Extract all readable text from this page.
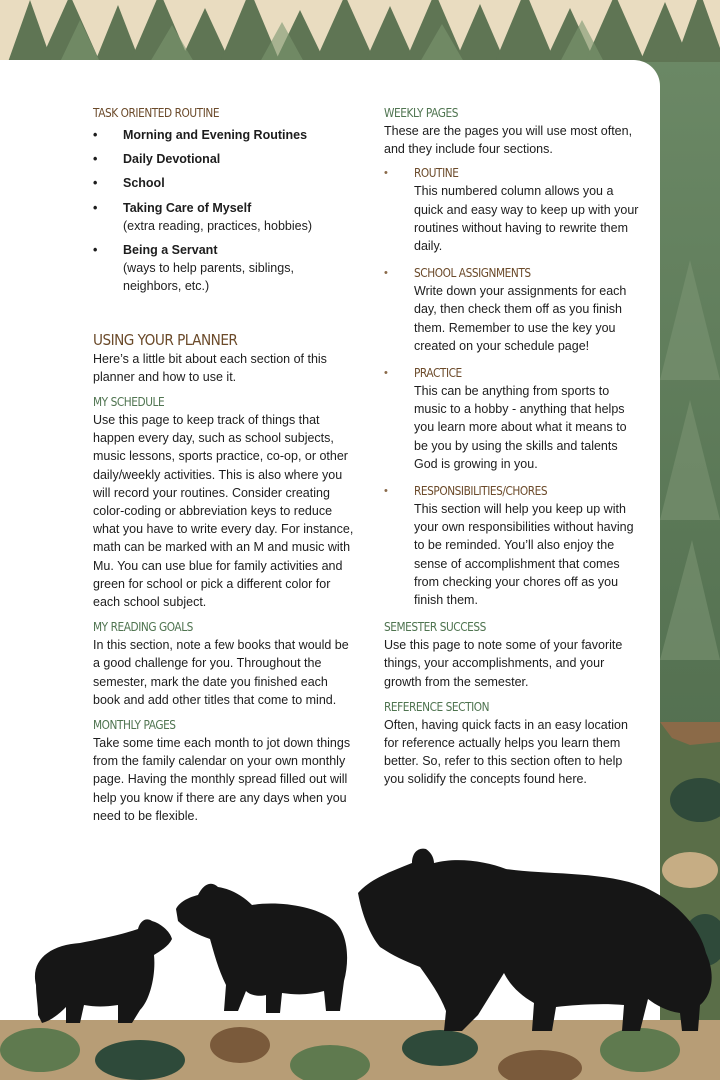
TASK ORIENTED ROUTINE
• Morning and Evening Routines
• Daily Devotional
• School
• Taking Care of Myself
(extra reading, practices, hobbies)
• Being a Servant
(ways to help parents, siblings, neighbors, etc.)
USING YOUR PLANNER

Here’s a little bit about each section of this planner and how to use it.

MY SCHEDULE

Use this page to keep track of things that happen every day, such as school subjects, music lessons, sports practice, co-op, or other daily/weekly activities. This is also where you will record your routines. Consider creating color-coding or abbreviation keys to reduce what you have to write every day. For instance, math can be marked with an M and music with Mu. You can use blue for family activities and green for school or pick a different color for each school subject.

MY READING GOALS

In this section, note a few books that would be a good challenge for you. Throughout the semester, mark the date you finished each book and add other titles that come to mind.

MONTHLY PAGES

Take some time each month to jot down things from the family calendar on your own monthly page. Having the monthly spread filled out will help you know if there are any days when you need to be flexible.

WEEKLY PAGES

These are the pages you will use most often, and they include four sections.

• ROUTINE

This numbered column allows you a quick and easy way to keep up with your routines without having to rewrite them daily.

• SCHOOL ASSIGNMENTS

Write down your assignments for each day, then check them off as you finish them. Remember to use the key you created on your schedule page!

• PRACTICE

This can be anything from sports to music to a hobby - anything that helps you learn more about what it means to be you by using the skills and talents God is growing in you.

• RESPONSIBILITIES/CHORES

This section will help you keep up with your own responsibilities without having to be reminded. You’ll also enjoy the sense of accomplishment that comes from checking your chores off as you finish them.

SEMESTER SUCCESS

Use this page to note some of your favorite things, your accomplishments, and your growth from the semester.

REFERENCE SECTION

Often, having quick facts in an easy location for reference actually helps you learn them better. So, refer to this section often to help you solidify the concepts found here.
